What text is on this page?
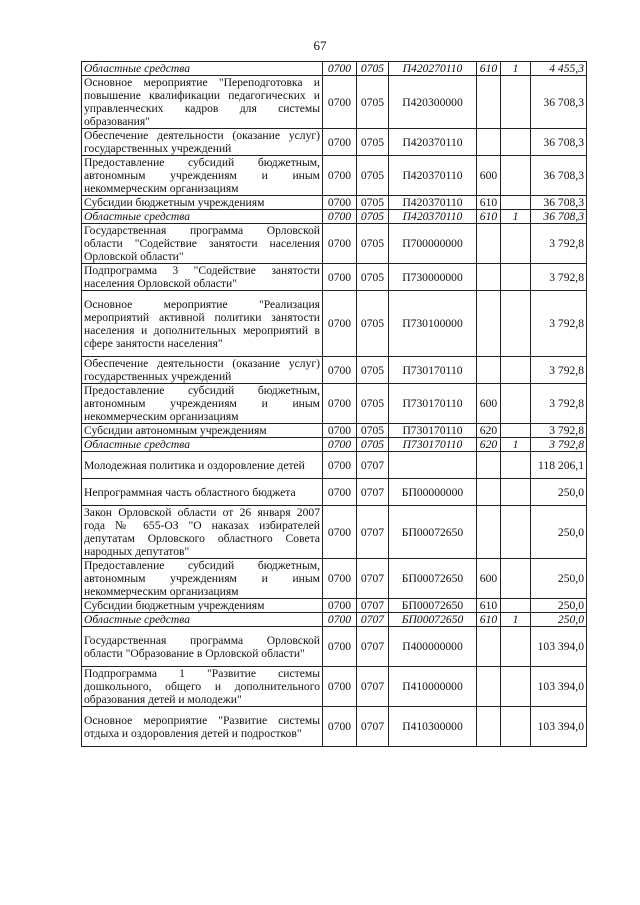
67
Областные средства	0700	0705	П420270110	610	1	4 455,3
Основное мероприятие "Переподготовка и повышение квалификации педагогических и управленческих кадров для системы образования"	0700	0705	П420300000			36 708,3
Обеспечение деятельности (оказание услуг) государственных учреждений	0700	0705	П420370110			36 708,3
Предоставление субсидий бюджетным, автономным учреждениям и иным некоммерческим организациям	0700	0705	П420370110	600		36 708,3
Субсидии бюджетным учреждениям	0700	0705	П420370110	610		36 708,3
Областные средства	0700	0705	П420370110	610	1	36 708,3
Государственная программа Орловской области "Содействие занятости населения Орловской области"	0700	0705	П700000000			3 792,8
Подпрограмма 3 "Содействие занятости населения Орловской области"	0700	0705	П730000000			3 792,8
Основное мероприятие "Реализация мероприятий активной политики занятости населения и дополнительных мероприятий в сфере занятости населения"	0700	0705	П730100000			3 792,8
Обеспечение деятельности (оказание услуг) государственных учреждений	0700	0705	П730170110			3 792,8
Предоставление субсидий бюджетным, автономным учреждениям и иным некоммерческим организациям	0700	0705	П730170110	600		3 792,8
Субсидии автономным учреждениям	0700	0705	П730170110	620		3 792,8
Областные средства	0700	0705	П730170110	620	1	3 792,8
Молодежная политика и оздоровление детей	0700	0707				118 206,1
Непрограммная часть областного бюджета	0700	0707	БП00000000			250,0
Закон Орловской области от 26 января 2007 года № 655-ОЗ "О наказах избирателей депутатам Орловского областного Совета народных депутатов"	0700	0707	БП00072650			250,0
Предоставление субсидий бюджетным, автономным учреждениям и иным некоммерческим организациям	0700	0707	БП00072650	600		250,0
Субсидии бюджетным учреждениям	0700	0707	БП00072650	610		250,0
Областные средства	0700	0707	БП00072650	610	1	250,0
Государственная программа Орловской области "Образование в Орловской области"	0700	0707	П400000000			103 394,0
Подпрограмма 1 "Развитие системы дошкольного, общего и дополнительного образования детей и молодежи"	0700	0707	П410000000			103 394,0
Основное мероприятие "Развитие системы отдыха и оздоровления детей и подростков"	0700	0707	П410300000			103 394,0
